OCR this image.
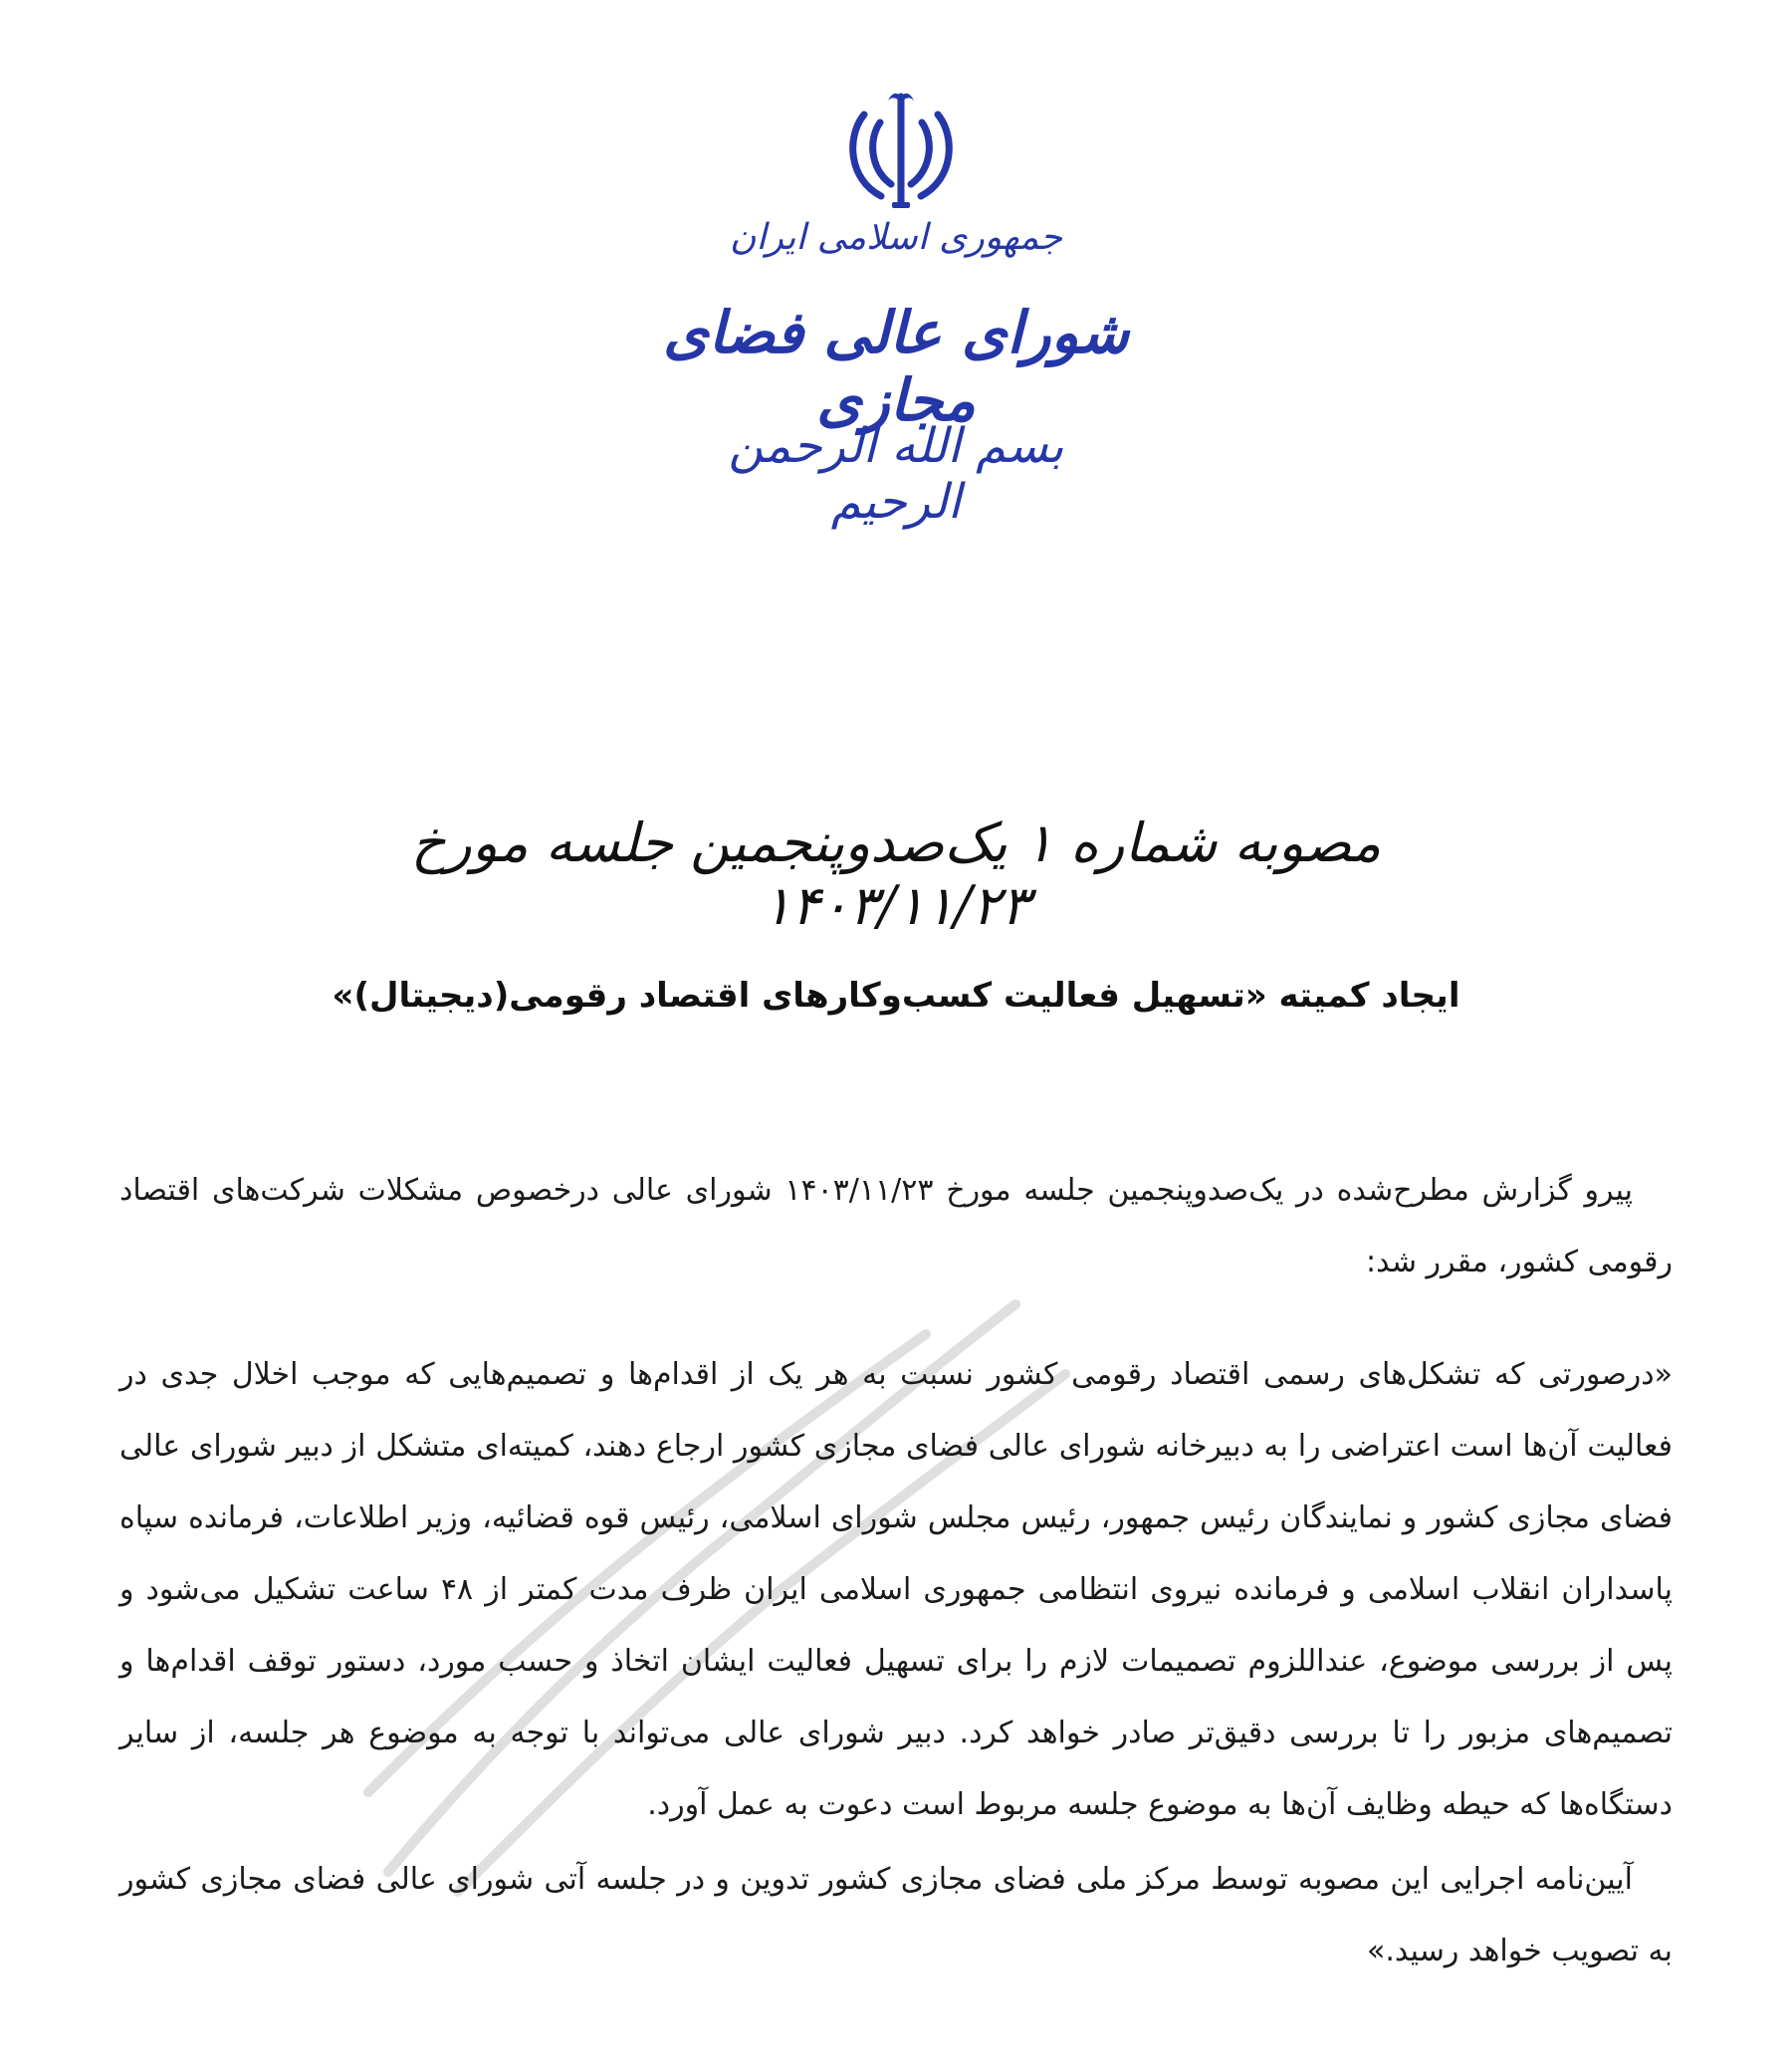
جمهوری اسلامی ایران
شورای عالی فضای مجازی
بسم الله الرحمن الرحیم
مصوبه شماره ۱ یک‌صدوپنجمین جلسه مورخ ۱۴۰۳/۱۱/۲۳
ایجاد کمیته «تسهیل فعالیت کسب‌وکارهای اقتصاد رقومی(دیجیتال)»

پیرو گزارش مطرح‌شده در یک‌صدوپنجمین جلسه مورخ ۱۴۰۳/۱۱/۲۳ شورای عالی درخصوص مشکلات شرکت‌های اقتصاد رقومی کشور، مقرر شد:

«درصورتی که تشکل‌های رسمی اقتصاد رقومی کشور نسبت به هر یک از اقدام‌ها و تصمیم‌هایی که موجب اخلال جدی در فعالیت آن‌ها است اعتراضی را به دبیرخانه شورای عالی فضای مجازی کشور ارجاع دهند، کمیته‌ای متشکل از دبیر شورای عالی فضای مجازی کشور و نمایندگان رئیس جمهور، رئیس مجلس شورای اسلامی، رئیس قوه قضائیه، وزیر اطلاعات، فرمانده سپاه پاسداران انقلاب اسلامی و فرمانده نیروی انتظامی جمهوری اسلامی ایران ظرف مدت کمتر از ۴۸ ساعت تشکیل می‌شود و پس از بررسی موضوع، عنداللزوم تصمیمات لازم را برای تسهیل فعالیت ایشان اتخاذ و حسب مورد، دستور توقف اقدام‌ها و تصمیم‌های مزبور را تا بررسی دقیق‌تر صادر خواهد کرد. دبیر شورای عالی می‌تواند با توجه به موضوع هر جلسه، از سایر دستگاه‌ها که حیطه وظایف آن‌ها به موضوع جلسه مربوط است دعوت به عمل آورد.

آیین‌نامه اجرایی این مصوبه توسط مرکز ملی فضای مجازی کشور تدوین و در جلسه آتی شورای عالی فضای مجازی کشور به تصویب خواهد رسید.»
